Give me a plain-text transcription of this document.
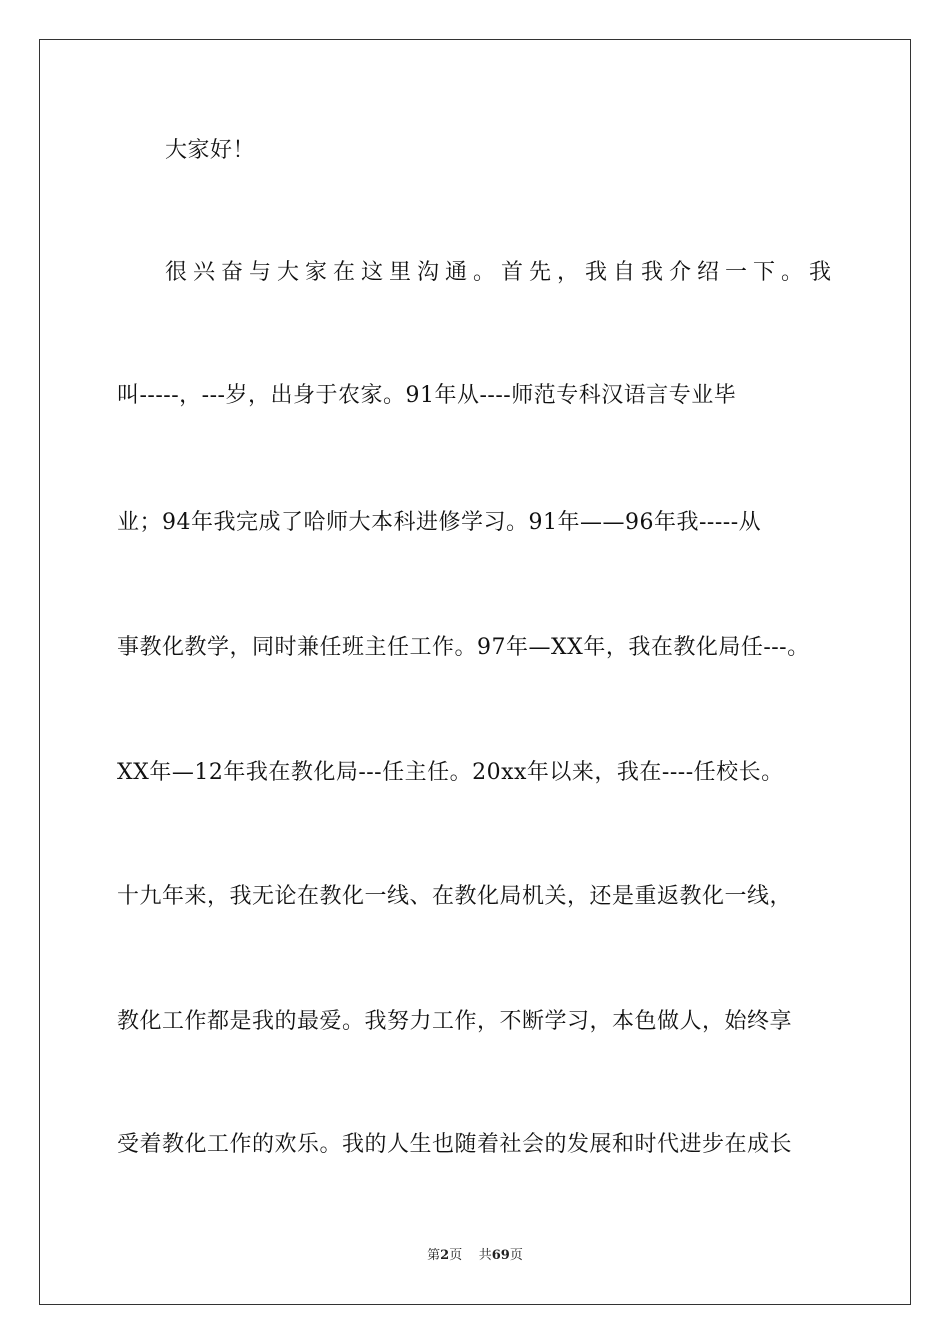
大家好！
很兴奋与大家在这里沟通。首先，我自我介绍一下。我
叫-----，---岁，出身于农家。91年从----师范专科汉语言专业毕
业；94年我完成了哈师大本科进修学习。91年——96年我-----从
事教化教学，同时兼任班主任工作。97年—XX年，我在教化局任---。
XX年—12年我在教化局---任主任。20xx年以来，我在----任校长。
十九年来，我无论在教化一线、在教化局机关，还是重返教化一线，
教化工作都是我的最爱。我努力工作，不断学习，本色做人，始终享
受着教化工作的欢乐。我的人生也随着社会的发展和时代进步在成长
第2页 共69页
